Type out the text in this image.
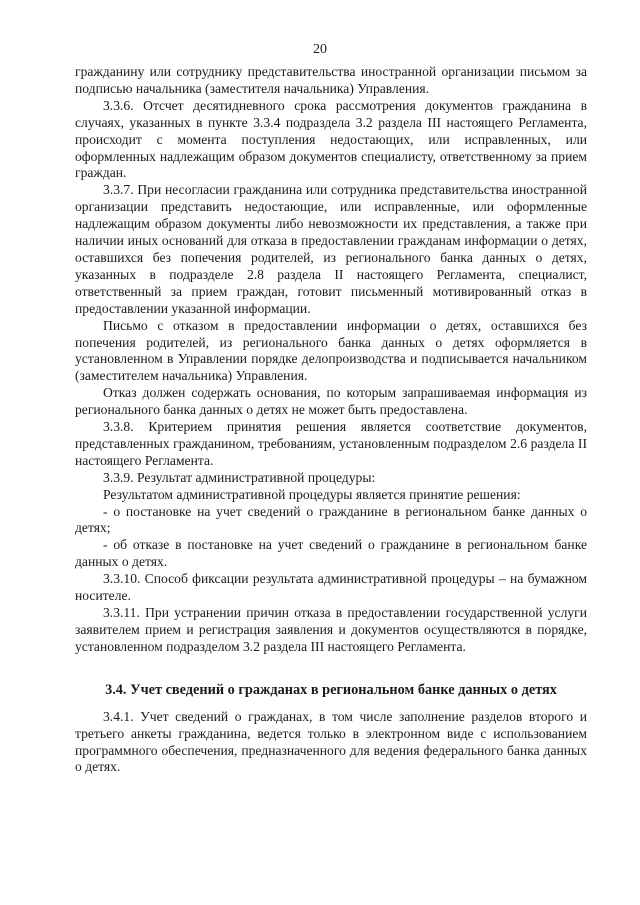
20

гражданину или сотруднику представительства иностранной организации письмом за подписью начальника (заместителя начальника) Управления.

3.3.6. Отсчет десятидневного срока рассмотрения документов гражданина в случаях, указанных в пункте 3.3.4 подраздела 3.2 раздела III настоящего Регламента, происходит с момента поступления недостающих, или исправленных, или оформленных надлежащим образом документов специалисту, ответственному за прием граждан.

3.3.7. При несогласии гражданина или сотрудника представительства иностранной организации представить недостающие, или исправленные, или оформленные надлежащим образом документы либо невозможности их представления, а также при наличии иных оснований для отказа в предоставлении гражданам информации о детях, оставшихся без попечения родителей, из регионального банка данных о детях, указанных в подразделе 2.8 раздела II настоящего Регламента, специалист, ответственный за прием граждан, готовит письменный мотивированный отказ в предоставлении указанной информации.

Письмо с отказом в предоставлении информации о детях, оставшихся без попечения родителей, из регионального банка данных о детях оформляется в установленном в Управлении порядке делопроизводства и подписывается начальником (заместителем начальника) Управления.

Отказ должен содержать основания, по которым запрашиваемая информация из регионального банка данных о детях не может быть предоставлена.

3.3.8. Критерием принятия решения является соответствие документов, представленных гражданином, требованиям, установленным подразделом 2.6 раздела II настоящего Регламента.

3.3.9. Результат административной процедуры:

Результатом административной процедуры является принятие решения:

- о постановке на учет сведений о гражданине в региональном банке данных о детях;

- об отказе в постановке на учет сведений о гражданине в региональном банке данных о детях.

3.3.10. Способ фиксации результата административной процедуры – на бумажном носителе.

3.3.11. При устранении причин отказа в предоставлении государственной услуги заявителем прием и регистрация заявления и документов осуществляются в порядке, установленном подразделом 3.2 раздела III настоящего Регламента.

3.4. Учет сведений о гражданах в региональном банке данных о детях

3.4.1. Учет сведений о гражданах, в том числе заполнение разделов второго и третьего анкеты гражданина, ведется только в электронном виде с использованием программного обеспечения, предназначенного для ведения федерального банка данных о детях.
